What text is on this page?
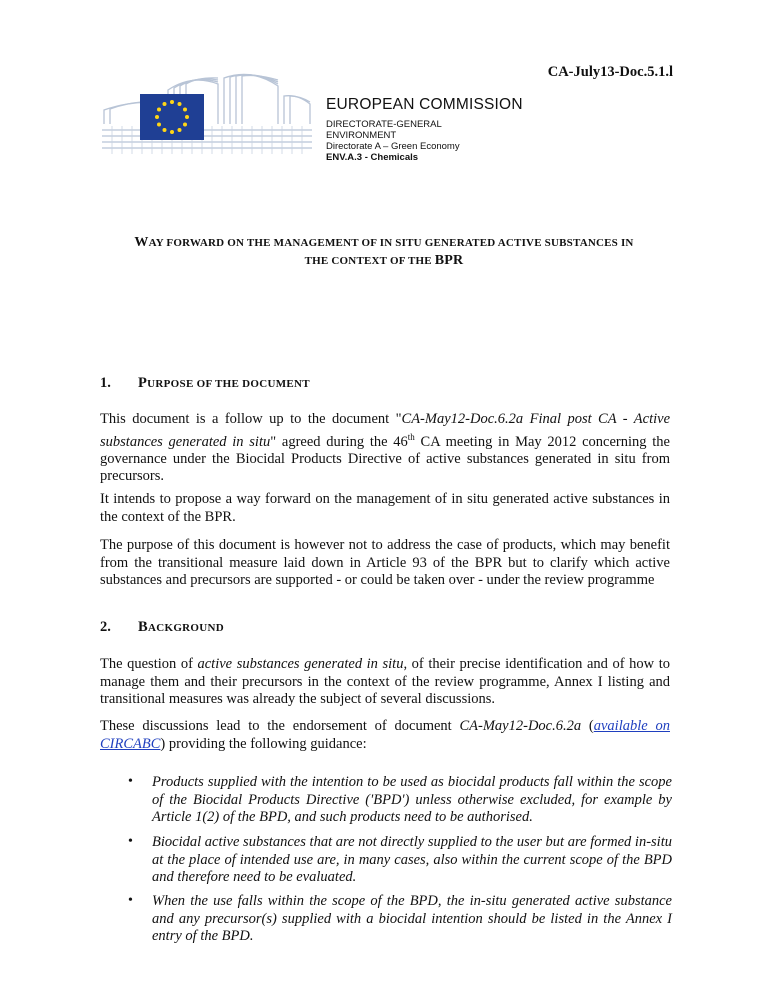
CA-July13-Doc.5.1.l
EUROPEAN COMMISSION
DIRECTORATE-GENERAL
ENVIRONMENT
Directorate A – Green Economy
ENV.A.3 - Chemicals
WAY FORWARD ON THE MANAGEMENT OF IN SITU GENERATED ACTIVE SUBSTANCES IN
THE CONTEXT OF THE BPR
1. PURPOSE OF THE DOCUMENT
This document is a follow up to the document "CA-May12-Doc.6.2a Final post CA - Active substances generated in situ" agreed during the 46th CA meeting in May 2012 concerning the governance under the Biocidal Products Directive of active substances generated in situ from precursors.
It intends to propose a way forward on the management of in situ generated active substances in the context of the BPR.
The purpose of this document is however not to address the case of products, which may benefit from the transitional measure laid down in Article 93 of the BPR but to clarify which active substances and precursors are supported - or could be taken over - under the review programme
2. BACKGROUND
The question of active substances generated in situ, of their precise identification and of how to manage them and their precursors in the context of the review programme, Annex I listing and transitional measures was already the subject of several discussions.
These discussions lead to the endorsement of document CA-May12-Doc.6.2a (available on CIRCABC) providing the following guidance:
• Products supplied with the intention to be used as biocidal products fall within the scope of the Biocidal Products Directive ('BPD') unless otherwise excluded, for example by Article 1(2) of the BPD, and such products need to be authorised.
• Biocidal active substances that are not directly supplied to the user but are formed in-situ at the place of intended use are, in many cases, also within the current scope of the BPD and therefore need to be evaluated.
• When the use falls within the scope of the BPD, the in-situ generated active substance and any precursor(s) supplied with a biocidal intention should be listed in the Annex I entry of the BPD.
